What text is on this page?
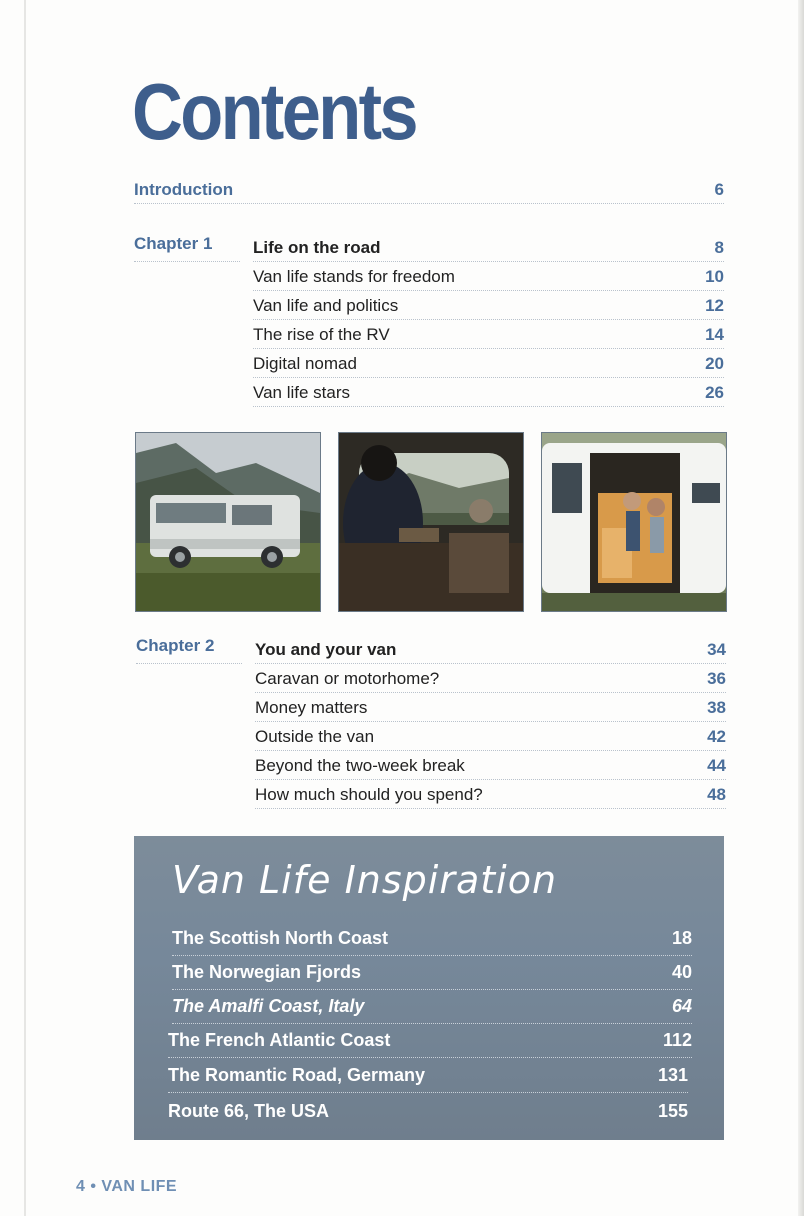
Contents
Introduction	6
Chapter 1	Life on the road	8
Van life stands for freedom	10
Van life and politics	12
The rise of the RV	14
Digital nomad	20
Van life stars	26
Chapter 2	You and your van	34
Caravan or motorhome?	36
Money matters	38
Outside the van	42
Beyond the two-week break	44
How much should you spend?	48
Van Life Inspiration
The Scottish North Coast	18
The Norwegian Fjords	40
The Amalfi Coast, Italy	64
The French Atlantic Coast	112
The Romantic Road, Germany	131
Route 66, The USA	155
4 • VAN LIFE
